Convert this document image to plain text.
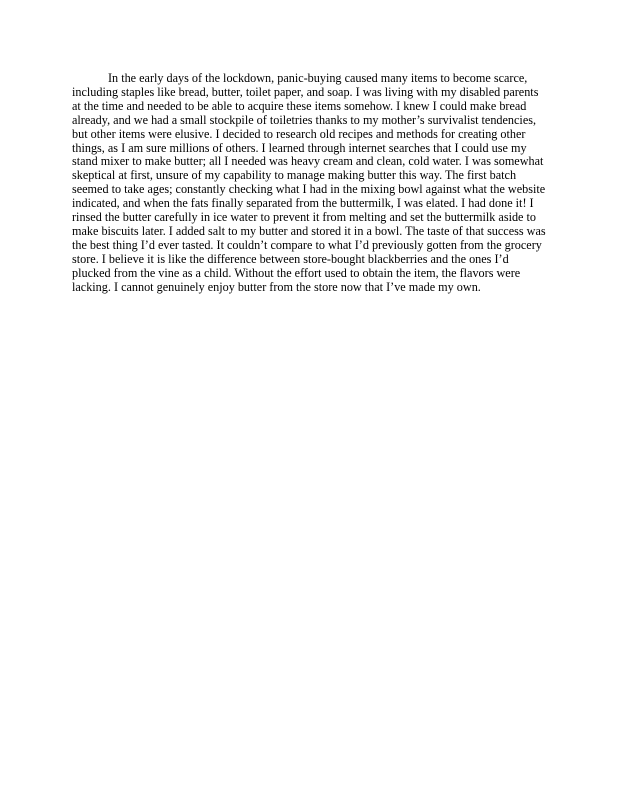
In the early days of the lockdown, panic-buying caused many items to become scarce,
including staples like bread, butter, toilet paper, and soap. I was living with my disabled parents
at the time and needed to be able to acquire these items somehow. I knew I could make bread
already, and we had a small stockpile of toiletries thanks to my mother’s survivalist tendencies,
but other items were elusive. I decided to research old recipes and methods for creating other
things, as I am sure millions of others. I learned through internet searches that I could use my
stand mixer to make butter; all I needed was heavy cream and clean, cold water. I was somewhat
skeptical at first, unsure of my capability to manage making butter this way. The first batch
seemed to take ages; constantly checking what I had in the mixing bowl against what the website
indicated, and when the fats finally separated from the buttermilk, I was elated. I had done it! I
rinsed the butter carefully in ice water to prevent it from melting and set the buttermilk aside to
make biscuits later. I added salt to my butter and stored it in a bowl. The taste of that success was
the best thing I’d ever tasted. It couldn’t compare to what I’d previously gotten from the grocery
store. I believe it is like the difference between store-bought blackberries and the ones I’d
plucked from the vine as a child. Without the effort used to obtain the item, the flavors were
lacking. I cannot genuinely enjoy butter from the store now that I’ve made my own.
